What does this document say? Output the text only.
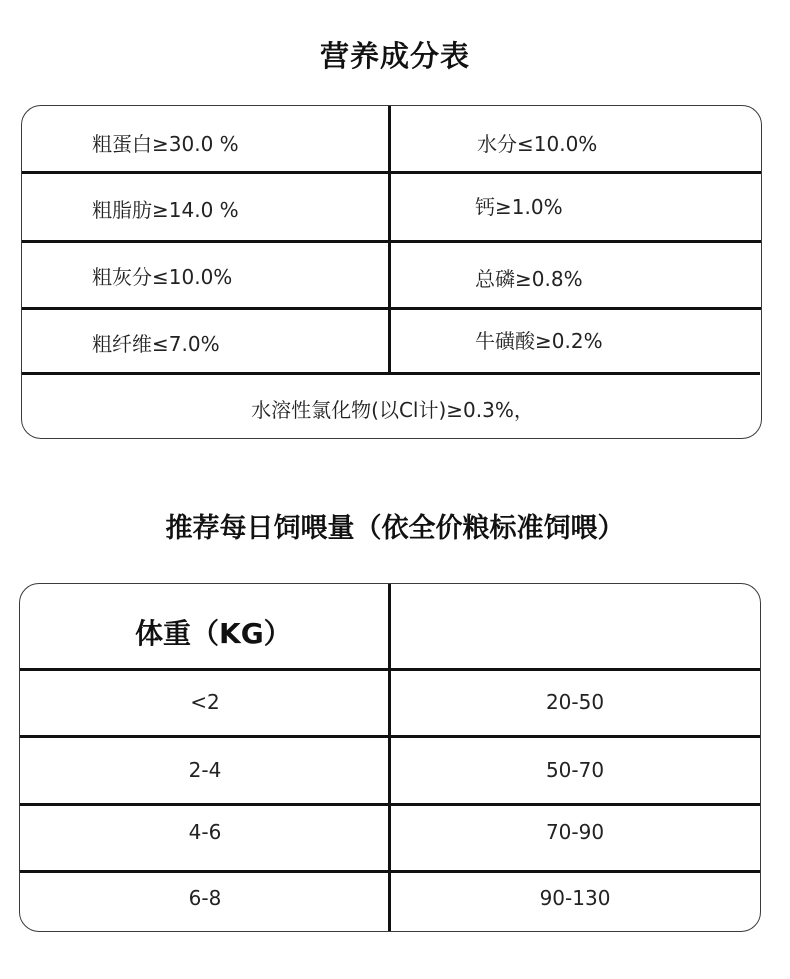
营养成分表
粗蛋白≥30.0 %	水分≤10.0%
粗脂肪≥14.0 %	钙≥1.0%
粗灰分≤10.0%	总磷≥0.8%
粗纤维≤7.0%	牛磺酸≥0.2%
水溶性氯化物(以Cl计)≥0.3%，
推荐每日饲喂量（依全价粮标准饲喂）
体重（KG）
<2	20-50
2-4	50-70
4-6	70-90
6-8	90-130
